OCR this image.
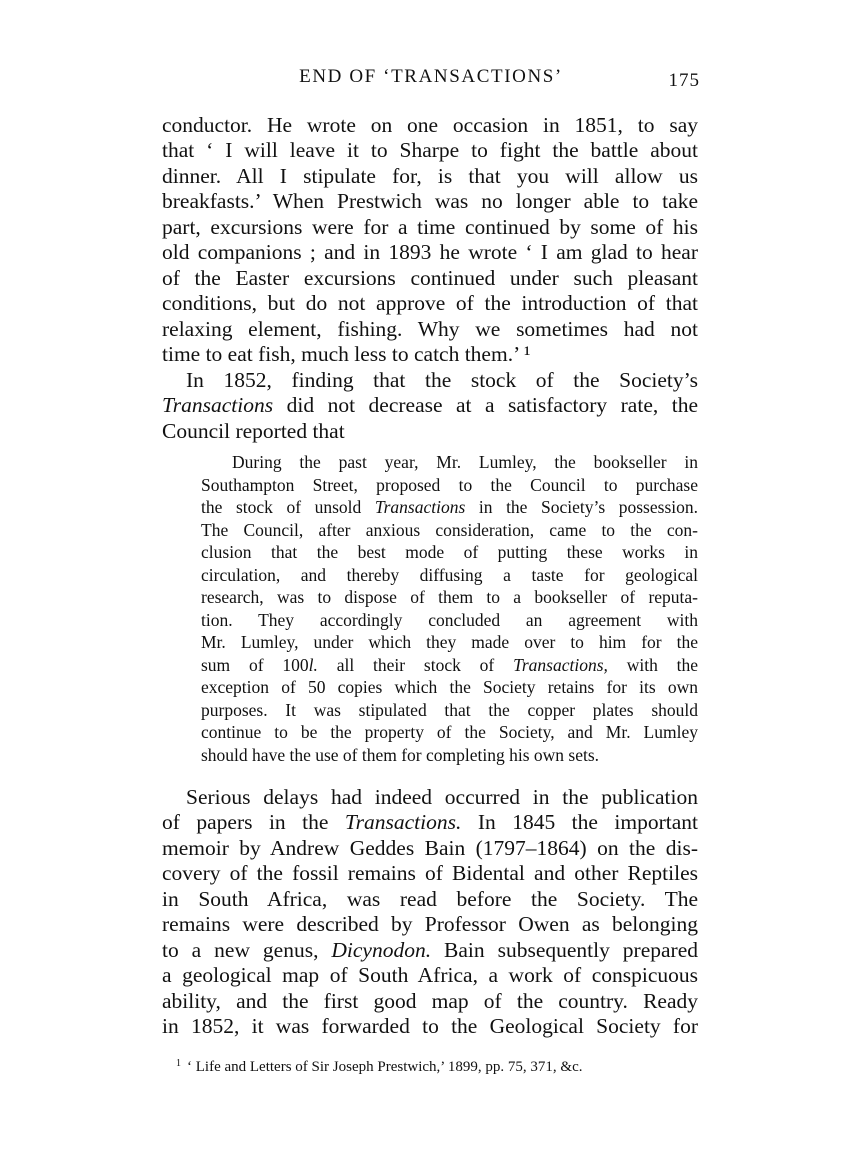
END OF ‘TRANSACTIONS’	175
conductor. He wrote on one occasion in 1851, to say
that ‘ I will leave it to Sharpe to fight the battle about
dinner. All I stipulate for, is that you will allow us
breakfasts.’ When Prestwich was no longer able to take
part, excursions were for a time continued by some of his
old companions ; and in 1893 he wrote ‘ I am glad to hear
of the Easter excursions continued under such pleasant
conditions, but do not approve of the introduction of that
relaxing element, fishing. Why we sometimes had not
time to eat fish, much less to catch them.’ ¹
In 1852, finding that the stock of the Society’s
Transactions did not decrease at a satisfactory rate, the
Council reported that
During the past year, Mr. Lumley, the bookseller in
Southampton Street, proposed to the Council to purchase
the stock of unsold Transactions in the Society’s possession.
The Council, after anxious consideration, came to the con-
clusion that the best mode of putting these works in
circulation, and thereby diffusing a taste for geological
research, was to dispose of them to a bookseller of reputa-
tion. They accordingly concluded an agreement with
Mr. Lumley, under which they made over to him for the
sum of 100l. all their stock of Transactions, with the
exception of 50 copies which the Society retains for its own
purposes. It was stipulated that the copper plates should
continue to be the property of the Society, and Mr. Lumley
should have the use of them for completing his own sets.
Serious delays had indeed occurred in the publication
of papers in the Transactions. In 1845 the important
memoir by Andrew Geddes Bain (1797–1864) on the dis-
covery of the fossil remains of Bidental and other Reptiles
in South Africa, was read before the Society. The
remains were described by Professor Owen as belonging
to a new genus, Dicynodon. Bain subsequently prepared
a geological map of South Africa, a work of conspicuous
ability, and the first good map of the country. Ready
in 1852, it was forwarded to the Geological Society for
$^1$ ‘ Life and Letters of Sir Joseph Prestwich,’ 1899, pp. 75, 371, &c.
